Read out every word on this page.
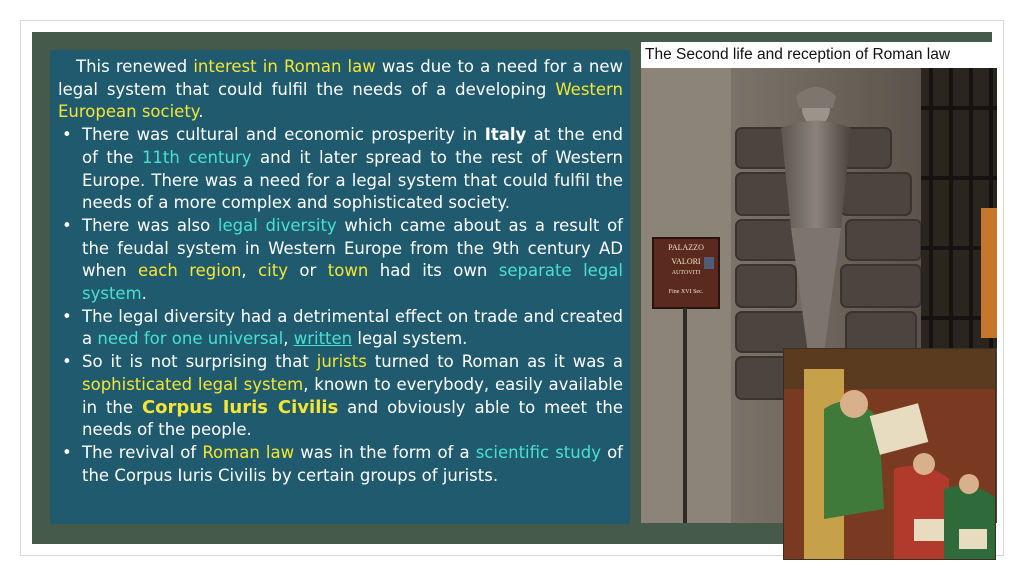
This renewed interest in Roman law was due to a need for a new legal system that could fulfil the needs of a developing Western European society.

• There was cultural and economic prosperity in Italy at the end of the 11th century and it later spread to the rest of Western Europe. There was a need for a legal system that could fulfil the needs of a more complex and sophisticated society.
• There was also legal diversity which came about as a result of the feudal system in Western Europe from the 9th century AD when each region, city or town had its own separate legal system.
• The legal diversity had a detrimental effect on trade and created a need for one universal, written legal system.
• So it is not surprising that jurists turned to Roman as it was a sophisticated legal system, known to everybody, easily available in the Corpus Iuris Civilis and obviously able to meet the needs of the people.
• The revival of Roman law was in the form of a scientific study of the Corpus Iuris Civilis by certain groups of jurists.
The Second life and reception of Roman law
PALAZZO
VALORI
AUTOVITI
Fine XVI Sec.
